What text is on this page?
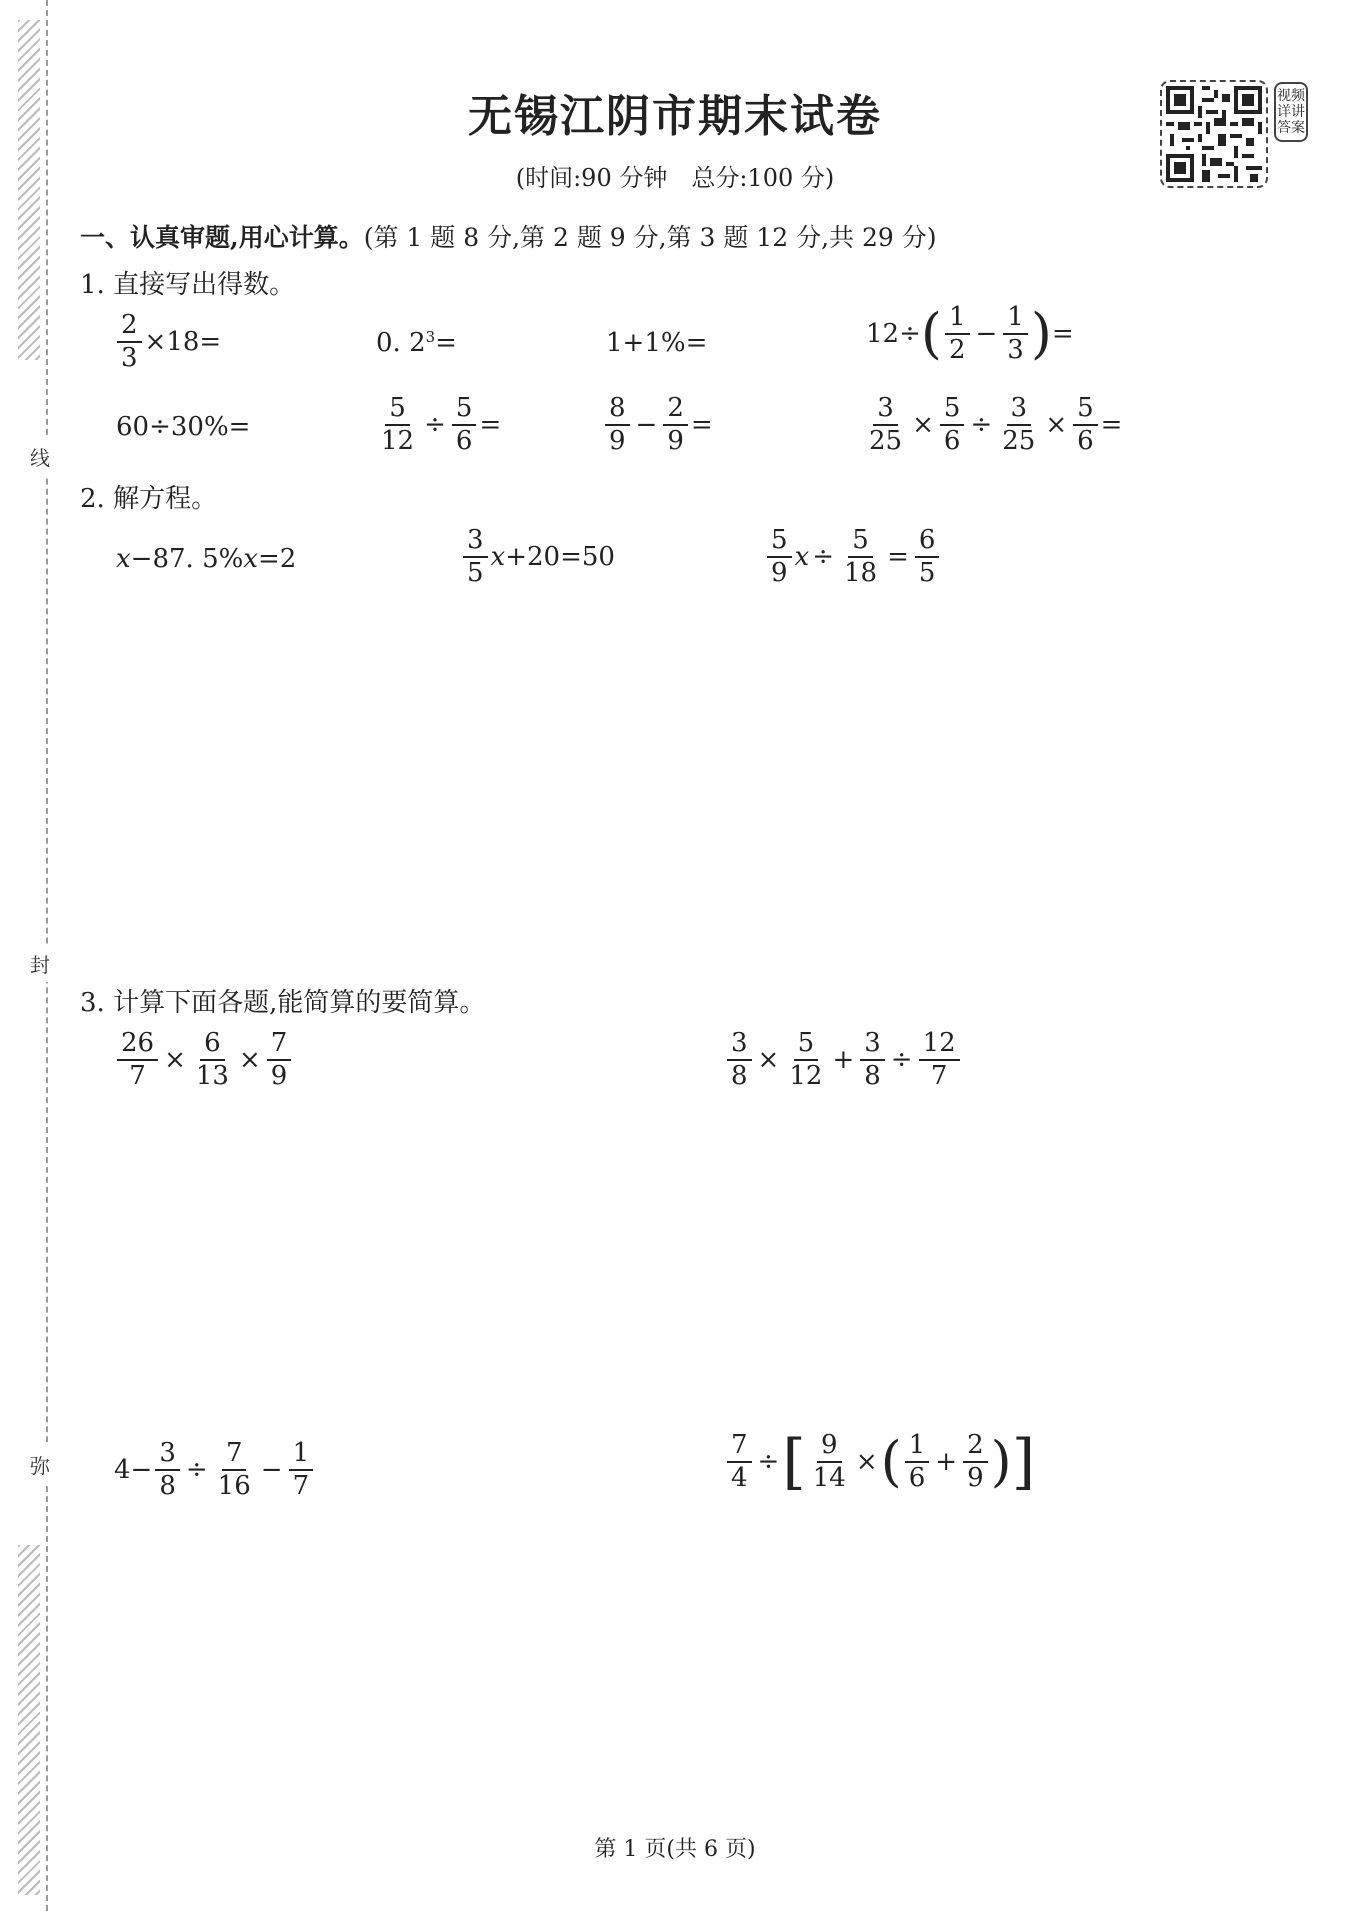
线
封
弥
无锡江阴市期末试卷
(时间:90 分钟　总分:100 分)
视频详讲答案
一、认真审题,用心计算。(第 1 题 8 分,第 2 题 9 分,第 3 题 12 分,共 29 分)
1. 直接写出得数。
$\frac{2}{3} \times 18=$	0. $2^3$ =	1+1%=	12÷ ( $\frac{1}{2} - \frac{1}{3}$ ) =
60÷30%=	$\frac{5}{12} \div \frac{5}{6}$ =	$\frac{8}{9} - \frac{2}{9}$ =	$\frac{3}{25} \times \frac{5}{6} \div \frac{3}{25} \times \frac{5}{6}$ =
2. 解方程。
x −87. 5% x =2	$\frac{3}{5}$ x +20=50	$\frac{5}{9}$ $x \div \frac{5}{18} = \frac{6}{5}$
3. 计算下面各题,能简算的要简算。
$\frac{26}{7} \times \frac{6}{13} \times \frac{7}{9}$	$\frac{3}{8} \times \frac{5}{12} + \frac{3}{8} \div \frac{12}{7}$
$4- \frac{3}{8} \div \frac{7}{16} - \frac{1}{7}$	$\frac{7}{4}$ ÷ [ $\frac{9}{14}$ × ( $\frac{1}{6} + \frac{2}{9}$ ) ]
第 1 页(共 6 页)
